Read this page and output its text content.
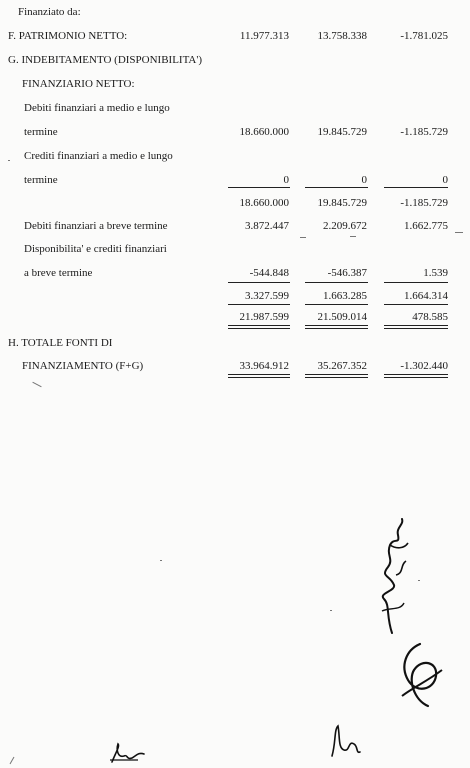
Finanziato da:
F. PATRIMONIO NETTO:	11.977.313	13.758.338	-1.781.025
G. INDEBITAMENTO (DISPONIBILITA')
FINANZIARIO NETTO:
Debiti finanziari a medio e lungo
termine	18.660.000	19.845.729	-1.185.729
Crediti finanziari a medio e lungo
termine	0	0	0
18.660.000	19.845.729	-1.185.729
Debiti finanziari a breve termine	3.872.447	2.209.672	1.662.775
Disponibilita' e crediti finanziari
a breve termine	-544.848	-546.387	1.539
3.327.599	1.663.285	1.664.314
21.987.599	21.509.014	478.585
H. TOTALE FONTI DI
FINANZIAMENTO (F+G)	33.964.912	35.267.352	-1.302.440
